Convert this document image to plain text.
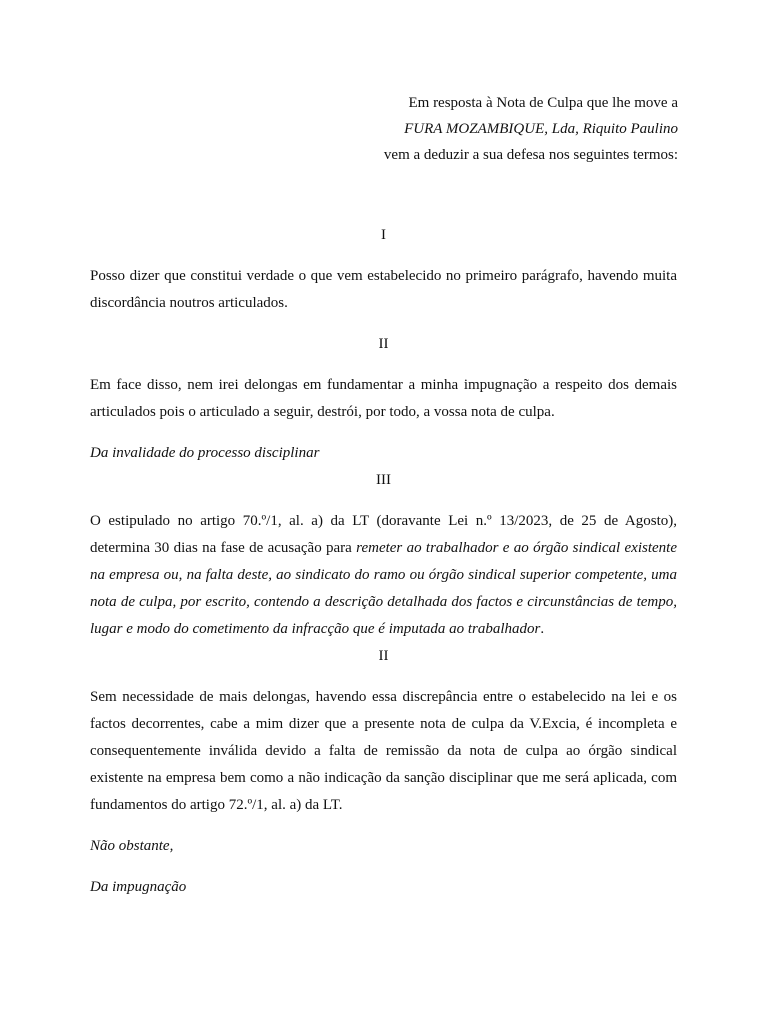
Em resposta à Nota de Culpa que lhe move a
FURA MOZAMBIQUE, Lda, Riquito Paulino
vem a deduzir a sua defesa nos seguintes termos:
I

Posso dizer que constitui verdade o que vem estabelecido no primeiro parágrafo, havendo muita discordância noutros articulados.

II

Em face disso, nem irei delongas em fundamentar a minha impugnação a respeito dos demais articulados pois o articulado a seguir, destrói, por todo, a vossa nota de culpa.

Da invalidade do processo disciplinar

III

O estipulado no artigo 70.º/1, al. a) da LT (doravante Lei n.º 13/2023, de 25 de Agosto), determina 30 dias na fase de acusação para remeter ao trabalhador e ao órgão sindical existente na empresa ou, na falta deste, ao sindicato do ramo ou órgão sindical superior competente, uma nota de culpa, por escrito, contendo a descrição detalhada dos factos e circunstâncias de tempo, lugar e modo do cometimento da infracção que é imputada ao trabalhador.

II

Sem necessidade de mais delongas, havendo essa discrepância entre o estabelecido na lei e os factos decorrentes, cabe a mim dizer que a presente nota de culpa da V.Excia, é incompleta e consequentemente inválida devido a falta de remissão da nota de culpa ao órgão sindical existente na empresa bem como a não indicação da sanção disciplinar que me será aplicada, com fundamentos do artigo 72.º/1, al. a) da LT.

Não obstante,

Da impugnação
